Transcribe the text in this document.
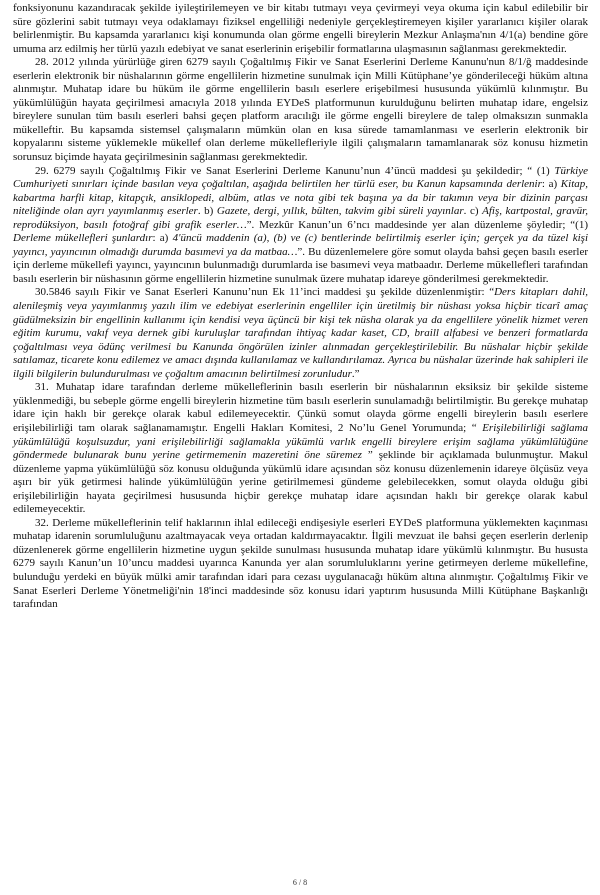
fonksiyonunu kazandıracak şekilde iyileştirilemeyen ve bir kitabı tutmayı veya çevirmeyi veya okuma için kabul edilebilir bir süre gözlerini sabit tutmayı veya odaklamayı fiziksel engelliliği nedeniyle gerçekleştiremeyen kişiler yararlanıcı kişiler olarak belirlenmiştir. Bu kapsamda yararlanıcı kişi konumunda olan görme engelli bireylerin Mezkur Anlaşma'nın 4/1(a) bendine göre umuma arz edilmiş her türlü yazılı edebiyat ve sanat eserlerinin erişebilir formatlarına ulaşmasının sağlanması gerekmektedir.

28. 2012 yılında yürürlüğe giren 6279 sayılı Çoğaltılmış Fikir ve Sanat Eserlerini Derleme Kanunu'nun 8/1/ğ maddesinde eserlerin elektronik bir nüshalarının görme engellilerin hizmetine sunulmak için Milli Kütüphane’ye gönderileceği hüküm altına alınmıştır. Muhatap idare bu hüküm ile görme engellilerin basılı eserlere erişebilmesi hususunda yükümlü kılınmıştır. Bu yükümlülüğün hayata geçirilmesi amacıyla 2018 yılında EYDeS platformunun kurulduğunu belirten muhatap idare, engelsiz bireylere sunulan tüm basılı eserleri bahsi geçen platform aracılığı ile görme engelli bireylere de talep olmaksızın sunmakla mükelleftir. Bu kapsamda sistemsel çalışmaların mümkün olan en kısa sürede tamamlanması ve eserlerin elektronik bir kopyalarını sisteme yüklemekle mükellef olan derleme mükellefleriyle ilgili çalışmaların tamamlanarak söz konusu hizmetin sorunsuz biçimde hayata geçirilmesinin sağlanması gerekmektedir.

29. 6279 sayılı Çoğaltılmış Fikir ve Sanat Eserlerini Derleme Kanunu’nun 4’üncü maddesi şu şekildedir; “ (1) Türkiye Cumhuriyeti sınırları içinde basılan veya çoğaltılan, aşağıda belirtilen her türlü eser, bu Kanun kapsamında derlenir: a) Kitap, kabartma harfli kitap, kitapçık, ansiklopedi, albüm, atlas ve nota gibi tek başına ya da bir takımın veya bir dizinin parçası niteliğinde olan ayrı yayımlanmış eserler. b) Gazete, dergi, yıllık, bülten, takvim gibi süreli yayınlar. c) Afiş, kartpostal, gravür, reprodüksiyon, basılı fotoğraf gibi grafik eserler…”. Mezkûr Kanun’un 6’ncı maddesinde yer alan düzenleme şöyledir; “(1) Derleme mükellefleri şunlardır: a) 4'üncü maddenin (a), (b) ve (c) bentlerinde belirtilmiş eserler için; gerçek ya da tüzel kişi yayıncı, yayıncının olmadığı durumda basımevi ya da matbaa…”. Bu düzenlemelere göre somut olayda bahsi geçen basılı eserler için derleme mükellefi yayıncı, yayıncının bulunmadığı durumlarda ise basımevi veya matbaadır. Derleme mükellefleri tarafından basılı eserlerin bir nüshasının görme engellilerin hizmetine sunulmak üzere muhatap idareye gönderilmesi gerekmektedir.

30.5846 sayılı Fikir ve Sanat Eserleri Kanunu’nun Ek 11’inci maddesi şu şekilde düzenlenmiştir: “Ders kitapları dahil, alenileşmiş veya yayımlanmış yazılı ilim ve edebiyat eserlerinin engelliler için üretilmiş bir nüshası yoksa hiçbir ticarî amaç güdülmeksizin bir engellinin kullanımı için kendisi veya üçüncü bir kişi tek nüsha olarak ya da engellilere yönelik hizmet veren eğitim kurumu, vakıf veya dernek gibi kuruluşlar tarafından ihtiyaç kadar kaset, CD, braill alfabesi ve benzeri formatlarda çoğaltılması veya ödünç verilmesi bu Kanunda öngörülen izinler alınmadan gerçekleştirilebilir. Bu nüshalar hiçbir şekilde satılamaz, ticarete konu edilemez ve amacı dışında kullanılamaz ve kullandırılamaz. Ayrıca bu nüshalar üzerinde hak sahipleri ile ilgili bilgilerin bulundurulması ve çoğaltım amacının belirtilmesi zorunludur.”

31. Muhatap idare tarafından derleme mükelleflerinin basılı eserlerin bir nüshalarının eksiksiz bir şekilde sisteme yüklenmediği, bu sebeple görme engelli bireylerin hizmetine tüm basılı eserlerin sunulamadığı belirtilmiştir. Bu gerekçe muhatap idare için haklı bir gerekçe olarak kabul edilemeyecektir. Çünkü somut olayda görme engelli bireylerin basılı eserlere erişilebilirliği tam olarak sağlanamamıştır. Engelli Hakları Komitesi, 2 No’lu Genel Yorumunda; “ Erişilebilirliği sağlama yükümlülüğü koşulsuzdur, yani erişilebilirliği sağlamakla yükümlü varlık engelli bireylere erişim sağlama yükümlülüğüne göndermede bulunarak bunu yerine getirmemenin mazeretini öne süremez ” şeklinde bir açıklamada bulunmuştur. Makul düzenleme yapma yükümlülüğü söz konusu olduğunda yükümlü idare açısından söz konusu düzenlemenin idareye ölçüsüz veya aşırı bir yük getirmesi halinde yükümlülüğün yerine getirilmemesi gündeme gelebilecekken, somut olayda olduğu gibi erişilebilirliğin hayata geçirilmesi hususunda hiçbir gerekçe muhatap idare açısından haklı bir gerekçe olarak kabul edilemeyecektir.

32. Derleme mükelleflerinin telif haklarının ihlal edileceği endişesiyle eserleri EYDeS platformuna yüklemekten kaçınması muhatap idarenin sorumluluğunu azaltmayacak veya ortadan kaldırmayacaktır. İlgili mevzuat ile bahsi geçen eserlerin derlenip düzenlenerek görme engellilerin hizmetine uygun şekilde sunulması hususunda muhatap idare yükümlü kılınmıştır. Bu hususta 6279 sayılı Kanun’un 10’uncu maddesi uyarınca Kanunda yer alan sorumluluklarını yerine getirmeyen derleme mükellefine, bulunduğu yerdeki en büyük mülki amir tarafından idari para cezası uygulanacağı hüküm altına alınmıştır. Çoğaltılmış Fikir ve Sanat Eserleri Derleme Yönetmeliği'nin 18'inci maddesinde söz konusu idari yaptırım hususunda Milli Kütüphane Başkanlığı tarafından

6 / 8
